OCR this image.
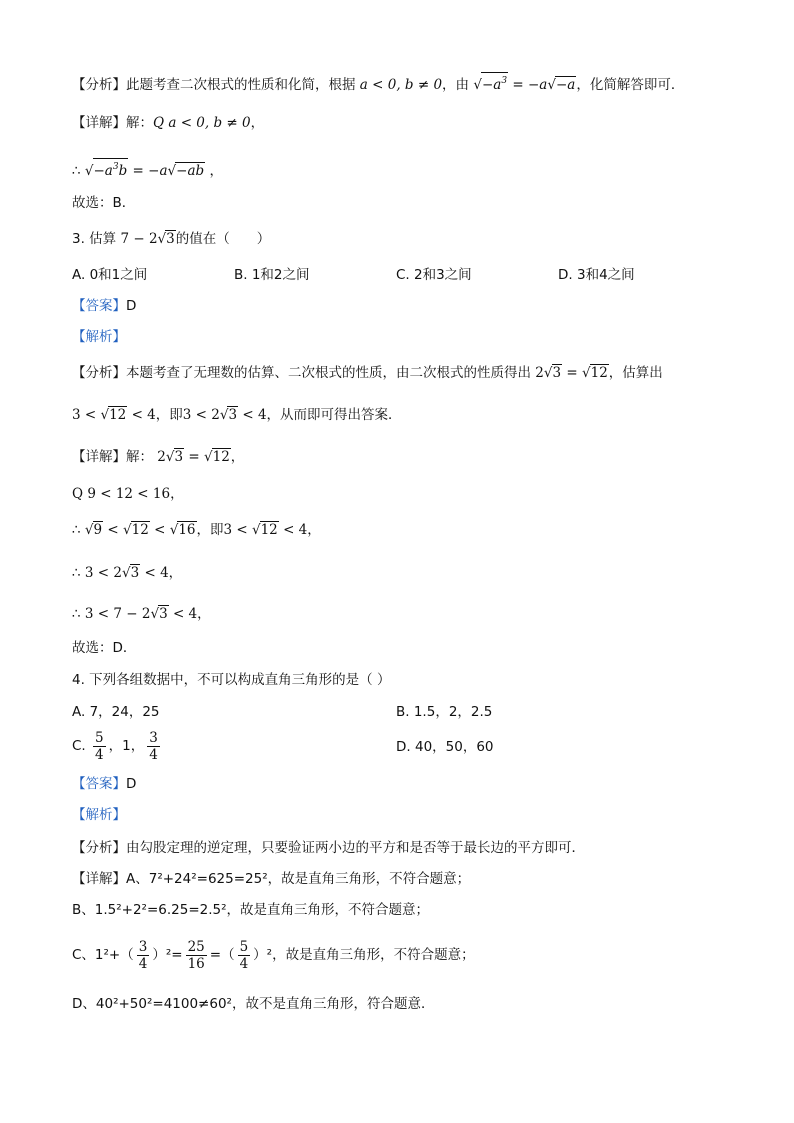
【分析】此题考查二次根式的性质和化简，根据 a < 0, b ≠ 0，由 $√-a^3 = -a√-a$，化简解答即可．
【详解】解：Q a < 0, b ≠ 0，
∴ $√-a^3b = -a√-ab$ ，
故选：B．
3. 估算 7 − 2√3的值在（　　）
A. 0和1之间	B. 1和2之间	C. 2和3之间	D. 3和4之间
【答案】D
【解析】
【分析】本题考查了无理数的估算、二次根式的性质，由二次根式的性质得出 2√3 = √12，估算出
3 < √12 < 4，即3 < 2√3 < 4，从而即可得出答案．
【详解】解： 2√3 = √12，
Q 9 < 12 < 16，
∴ √9 < √12 < √16，即3 < √12 < 4，
∴ 3 < 2√3 < 4，
∴ 3 < 7 − 2√3 < 4，
故选：D．
4. 下列各组数据中，不可以构成直角三角形的是（ ）
A. 7，24，25	B. 1.5，2，2.5
C. $\frac{5}{4}$ ，1， $\frac{3}{4}$	D. 40，50，60
【答案】D
【解析】
【分析】由勾股定理的逆定理，只要验证两小边的平方和是否等于最长边的平方即可．
【详解】A、7²+24²=625=25²，故是直角三角形，不符合题意；
B、1.5²+2²=6.25=2.5²，故是直角三角形，不符合题意；
C、$1^2+( \frac{3}{4} )^2= \frac{25}{16}$ =（ $\frac{5}{4} )^2$，故是直角三角形，不符合题意；
D、40²+50²=4100≠60²，故不是直角三角形，符合题意．
